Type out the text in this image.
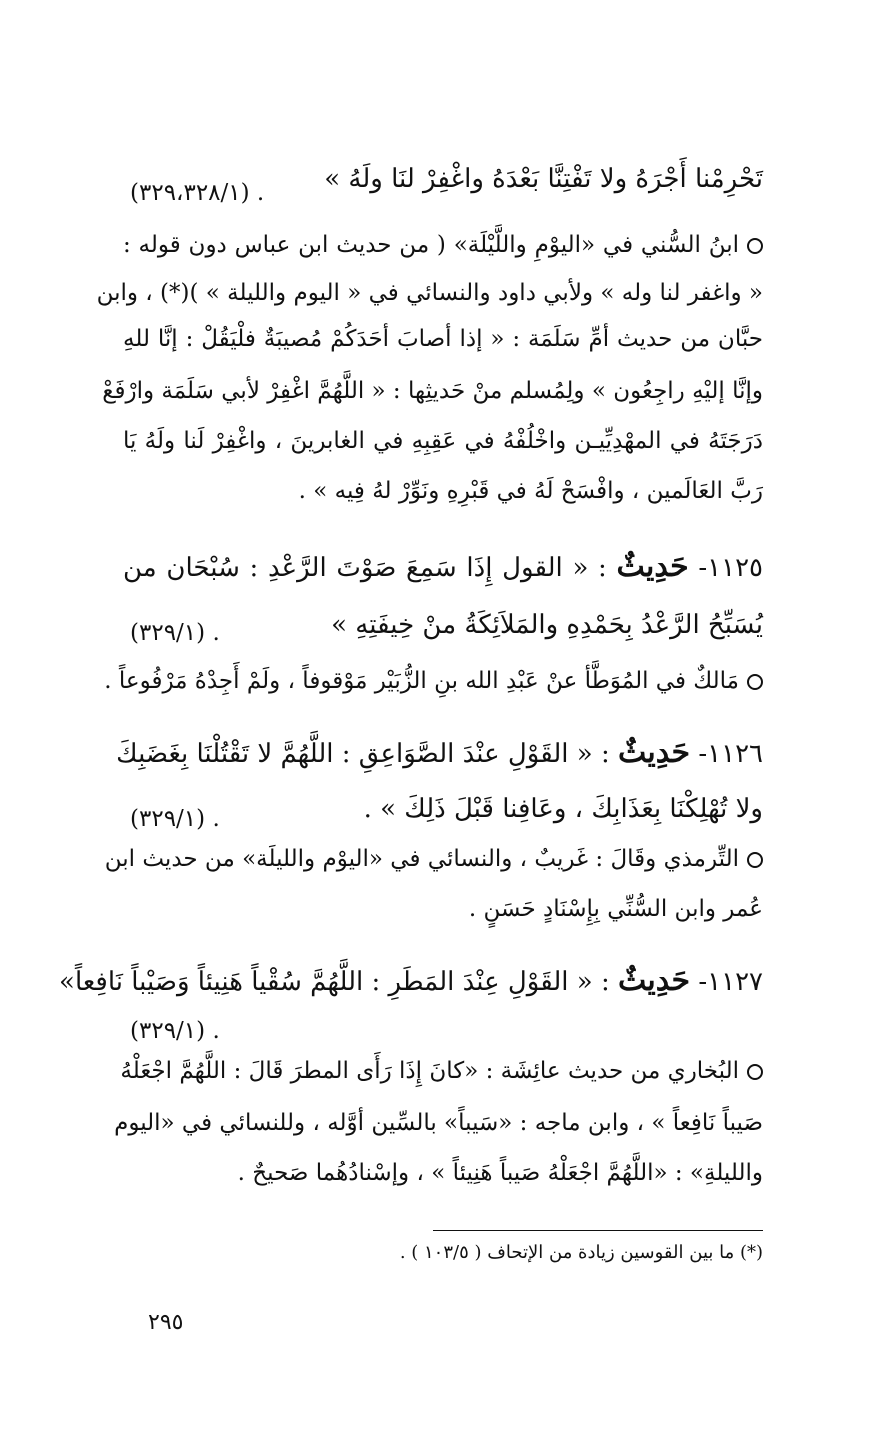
تَحْرِمْنا أَجْرَهُ ولا تَفْتِنَّا بَعْدَهُ واغْفِرْ لنَا ولَهُ »
(٣٢٩،٣٢٨/١) .
ابنُ السُّني في «اليوْمِ واللَّيْلَة» ( من حديث ابن عباس دون قوله :
« واغفر لنا وله » ولأبي داود والنسائي في « اليوم والليلة » )(*) ، وابن
حبَّان من حديث أمِّ سَلَمَة : « إذا أصابَ أحَدَكُمْ مُصيبَةٌ فلْيَقُلْ : إنَّا للهِ
وإنَّا إليْهِ راجِعُون » ولِمُسلم منْ حَديثِها : « اللَّهُمَّ اغْفِرْ لأبي سَلَمَة وارْفَعْ
دَرَجَتَهُ في المهْدِيِّيـن واخْلُفْهُ في عَقِبِهِ في الغابرينَ ، واغْفِرْ لَنا ولَهُ يَا
رَبَّ العَالَمين ، وافْسَحْ لَهُ في قَبْرِهِ ونَوِّرْ لهُ فِيه » .
١١٢٥- حَدِيثٌ : « القول إِذَا سَمِعَ صَوْتَ الرَّعْدِ : سُبْحَان من
يُسَبِّحُ الرَّعْدُ بِحَمْدِهِ والمَلاَئِكَةُ منْ خِيفَتِهِ »
(٣٢٩/١) .
مَالكٌ في المُوَطَّأ عنْ عَبْدِ الله بنِ الزُّبَيْر مَوْقوفاً ، ولَمْ أَجِدْهُ مَرْفُوعاً .
١١٢٦- حَدِيثٌ : « القَوْلِ عنْدَ الصَّوَاعِقِ : اللَّهُمَّ لا تَقْتُلْنَا بِغَضَبِكَ
ولا تُهْلِكْنَا بِعَذَابِكَ ، وعَافِنا قَبْلَ ذَلِكَ » .
(٣٢٩/١) .
التِّرمذي وقَالَ : غَريبٌ ، والنسائي في «اليوْم والليلَة» من حديث ابن
عُمر وابن السُّنِّي بِإِسْنَادٍ حَسَنٍ .
١١٢٧- حَدِيثٌ : « القَوْلِ عِنْدَ المَطَرِ : اللَّهُمَّ سُقْياً هَنِيئاً وَصَيْباً نَافِعاً»
(٣٢٩/١) .
البُخاري من حديث عائِشَة : «كانَ إِذَا رَأَى المطرَ قَالَ : اللَّهُمَّ اجْعَلْهُ
صَيباً نَافِعاً » ، وابن ماجه : «سَيباً» بالسِّين أوَّله ، وللنسائي في «اليوم
والليلةِ» : «اللَّهُمَّ اجْعَلْهُ صَيباً هَنِيئاً » ، وإسْنادُهُما صَحيحٌ .
(*) ما بين القوسين زيادة من الإتحاف ( ١٠٣/٥ ) .
٢٩٥
